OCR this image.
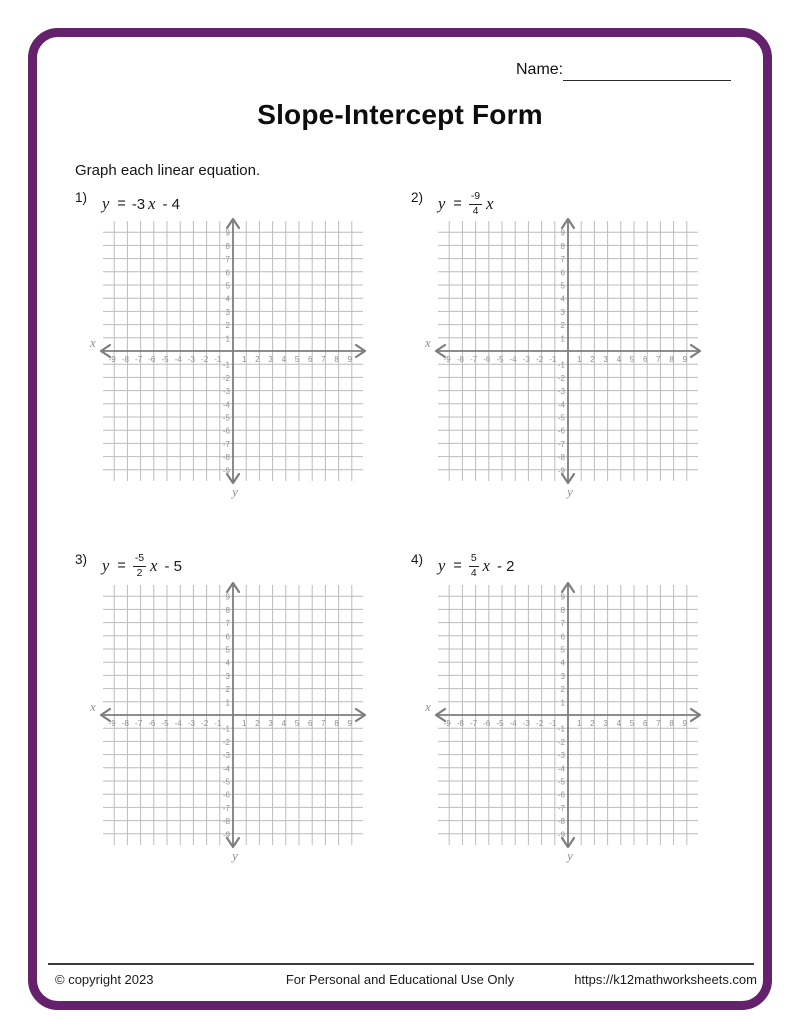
Name:
Slope-Intercept Form
Graph each linear equation.
1) y = -3 x - 4	2) $y = \frac{-9}{4}$ x
3) $y = \frac{-5}{2}$ x - 5	4) $y = \frac{5}{4}$ x - 2
-9 -8 -7 -6 -5 -4 -3 -2 -1	1 2 3 4 5 6 7 8 9
-9
-8
-7
-6
-5
-4
-3
-2
-1
1
2
3
4
5
6
7
8
9
x
y
-9 -8 -7 -6 -5 -4 -3 -2 -1	1 2 3 4 5 6 7 8 9
-9
-8
-7
-6
-5
-4
-3
-2
-1
1
2
3
4
5
6
7
8
9
x
y
-9 -8 -7 -6 -5 -4 -3 -2 -1	1 2 3 4 5 6 7 8 9
-9
-8
-7
-6
-5
-4
-3
-2
-1
1
2
3
4
5
6
7
8
9
x
y
-9 -8 -7 -6 -5 -4 -3 -2 -1	1 2 3 4 5 6 7 8 9
-9
-8
-7
-6
-5
-4
-3
-2
-1
1
2
3
4
5
6
7
8
9
x
y
© copyright 2023	For Personal and Educational Use Only	https://k12mathworksheets.com
